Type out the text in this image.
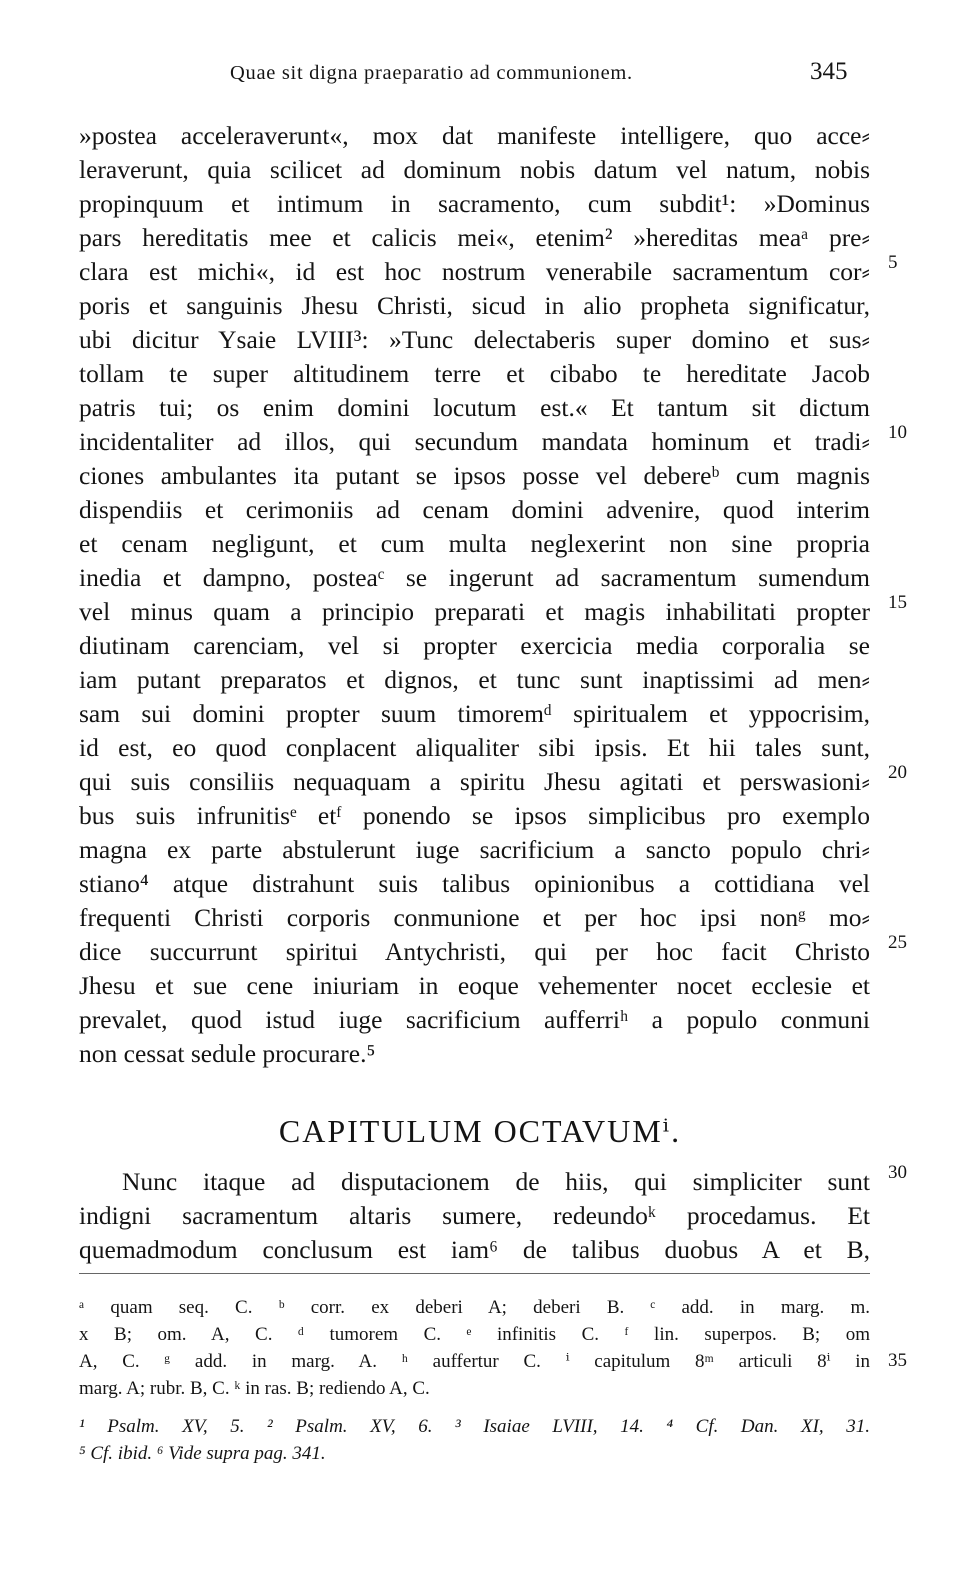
Quae sit digna praeparatio ad communionem.	345
»postea acceleraverunt«, mox dat manifeste intelligere, quo acce⸗
leraverunt, quia scilicet ad dominum nobis datum vel natum, nobis
propinquum et intimum in sacramento, cum subdit¹: »Dominus
pars hereditatis mee et calicis mei«, etenim² »hereditas meaᵃ pre⸗
clara est michi«, id est hoc nostrum venerabile sacramentum cor⸗
poris et sanguinis Jhesu Christi, sicud in alio propheta significatur,
ubi dicitur Ysaie LVIII³: »Tunc delectaberis super domino et sus⸗
tollam te super altitudinem terre et cibabo te hereditate Jacob
patris tui; os enim domini locutum est.« Et tantum sit dictum
incidentaliter ad illos, qui secundum mandata hominum et tradi⸗
ciones ambulantes ita putant se ipsos posse vel debereᵇ cum magnis
dispendiis et cerimoniis ad cenam domini advenire, quod interim
et cenam negligunt, et cum multa neglexerint non sine propria
inedia et dampno, posteaᶜ se ingerunt ad sacramentum sumendum
vel minus quam a principio preparati et magis inhabilitati propter
diutinam carenciam, vel si propter exercicia media corporalia se
iam putant preparatos et dignos, et tunc sunt inaptissimi ad men⸗
sam sui domini propter suum timoremᵈ spiritualem et yppocrisim,
id est, eo quod conplacent aliqualiter sibi ipsis. Et hii tales sunt,
qui suis consiliis nequaquam a spiritu Jhesu agitati et perswasioni⸗
bus suis infrunitisᵉ etᶠ ponendo se ipsos simplicibus pro exemplo
magna ex parte abstulerunt iuge sacrificium a sancto populo chri⸗
stiano⁴ atque distrahunt suis talibus opinionibus a cottidiana vel
frequenti Christi corporis conmunione et per hoc ipsi nonᵍ mo⸗
dice succurrunt spiritui Antychristi, qui per hoc facit Christo
Jhesu et sue cene iniuriam in eoque vehementer nocet ecclesie et
prevalet, quod istud iuge sacrificium aufferriʰ a populo conmuni
non cessat sedule procurare.⁵
CAPITULUM OCTAVUMⁱ.
Nunc itaque ad disputacionem de hiis, qui simpliciter sunt
indigni sacramentum altaris sumere, redeundoᵏ procedamus. Et
quemadmodum conclusum est iam⁶ de talibus duobus A et B,
5
10
15
20
25
30
35
ᵃ quam seq. C. ᵇ corr. ex deberi A; deberi B. ᶜ add. in marg. m.
x B; om. A, C. ᵈ tumorem C. ᵉ infinitis C. ᶠ lin. superpos. B; om
A, C. ᵍ add. in marg. A. ʰ auffertur C. ⁱ capitulum 8ᵐ articuli 8ⁱ in
marg. A; rubr. B, C. ᵏ in ras. B; rediendo A, C.
¹ Psalm. XV, 5. ² Psalm. XV, 6. ³ Isaiae LVIII, 14. ⁴ Cf. Dan. XI, 31.
⁵ Cf. ibid. ⁶ Vide supra pag. 341.
